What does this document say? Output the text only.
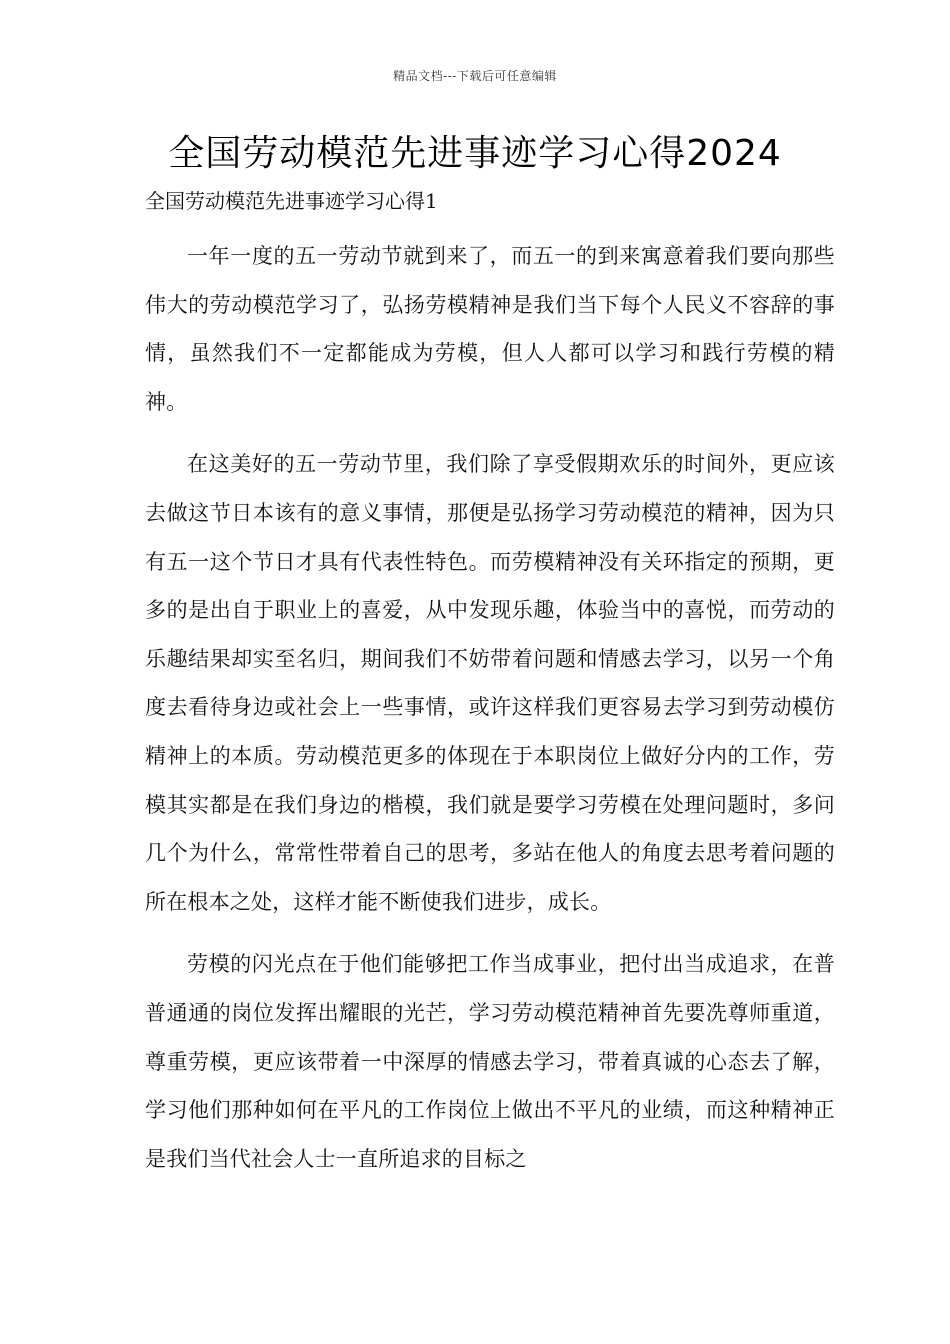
精品文档---下载后可任意编辑
全国劳动模范先进事迹学习心得2024
全国劳动模范先进事迹学习心得1

一年一度的五一劳动节就到来了，而五一的到来寓意着我们要向那些伟大的劳动模范学习了，弘扬劳模精神是我们当下每个人民义不容辞的事情，虽然我们不一定都能成为劳模，但人人都可以学习和践行劳模的精神。

在这美好的五一劳动节里，我们除了享受假期欢乐的时间外，更应该去做这节日本该有的意义事情，那便是弘扬学习劳动模范的精神，因为只有五一这个节日才具有代表性特色。而劳模精神没有关环指定的预期，更多的是出自于职业上的喜爱，从中发现乐趣，体验当中的喜悦，而劳动的乐趣结果却实至名归，期间我们不妨带着问题和情感去学习，以另一个角度去看待身边或社会上一些事情，或许这样我们更容易去学习到劳动模仿精神上的本质。劳动模范更多的体现在于本职岗位上做好分内的工作，劳模其实都是在我们身边的楷模，我们就是要学习劳模在处理问题时，多问几个为什么，常常性带着自己的思考，多站在他人的角度去思考着问题的所在根本之处，这样才能不断使我们进步，成长。

劳模的闪光点在于他们能够把工作当成事业，把付出当成追求，在普普通通的岗位发挥出耀眼的光芒，学习劳动模范精神首先要冼尊师重道，尊重劳模，更应该带着一中深厚的情感去学习，带着真诚的心态去了解，学习他们那种如何在平凡的工作岗位上做出不平凡的业绩，而这种精神正是我们当代社会人士一直所追求的目标之
